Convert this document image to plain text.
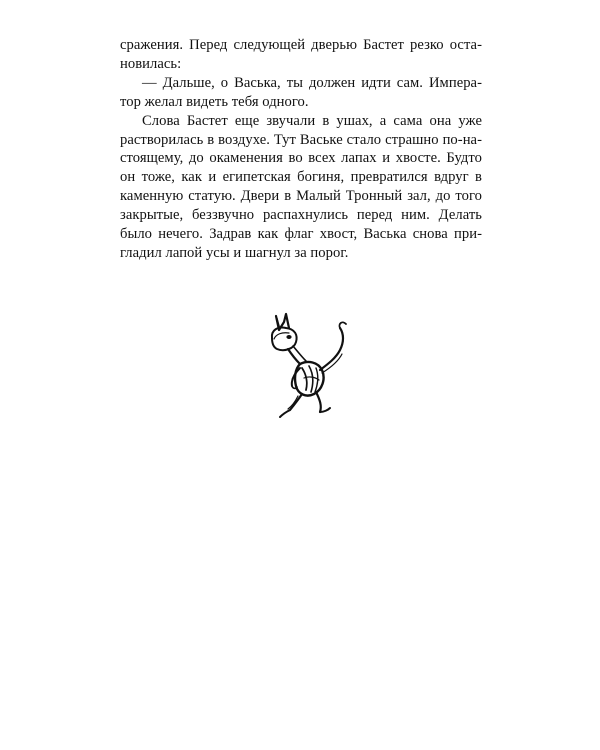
сражения. Перед следующей дверью Бастет резко оста-
новилась:
— Дальше, о Васька, ты должен идти сам. Импера-
тор желал видеть тебя одного.
Слова Бастет еще звучали в ушах, а сама она уже
растворилась в воздухе. Тут Ваське стало страшно по-на-
стоящему, до окаменения во всех лапах и хвосте. Будто
он тоже, как и египетская богиня, превратился вдруг в
каменную статую. Двери в Малый Тронный зал, до того
закрытые, беззвучно распахнулись перед ним. Делать
было нечего. Задрав как флаг хвост, Васька снова при-
гладил лапой усы и шагнул за порог.
